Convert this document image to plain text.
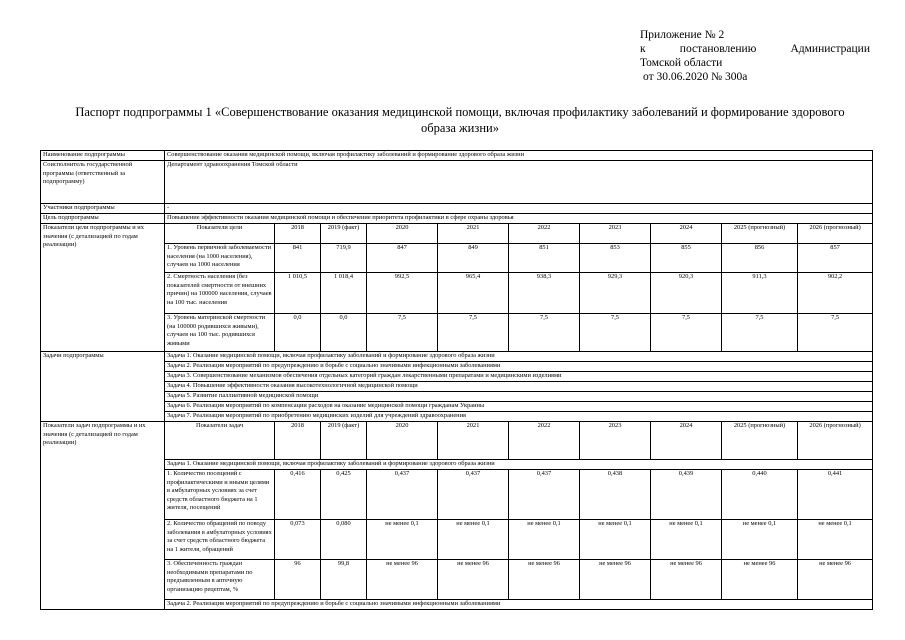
Приложение № 2
к	постановлению	Администрации
Томской области
от 30.06.2020 № 300а
Паспорт подпрограммы 1 «Совершенствование оказания медицинской помощи, включая профилактику заболеваний и формирование здорового образа жизни»
Наименование подпрограммы	Совершенствование оказания медицинской помощи, включая профилактику заболеваний и формирование здорового образа жизни									
Соисполнитель государственной программы (ответственный за подпрограмму)	Департамент здравоохранения Томской области									
Участники подпрограммы	-									
Цель подпрограммы	Повышение эффективности оказания медицинской помощи и обеспечение приоритета профилактики в сфере охраны здоровья									
Показатели цели подпрограммы и их значения (с детализацией по годам реализации)	Показатели цели	2018	2019 (факт)	2020	2021	2022	2023	2024	2025 (прогнозный)	2026 (прогнозный)
	1. Уровень первичной заболеваемости населения (на 1000 населения), случаев на 1000 населения	841	719,9	847	849	851	853	855	856	857
	2. Смертность населения (без показателей смертности от внешних причин) на 100000 населения, случаев на 100 тыс. населения	1 010,5	1 018,4	992,5	965,4	938,3	929,3	920,3	911,3	902,2
	3. Уровень материнской смертности (на 100000 родившихся живыми), случаев на 100 тыс. родившихся живыми	0,0	0,0	7,5	7,5	7,5	7,5	7,5	7,5	7,5
Задачи подпрограммы	Задача 1. Оказание медицинской помощи, включая профилактику заболеваний и формирование здорового образа жизни									
	Задача 2. Реализация мероприятий по предупреждению и борьбе с социально значимыми инфекционными заболеваниями									
	Задача 3. Совершенствование механизмов обеспечения отдельных категорий граждан лекарственными препаратами и медицинскими изделиями									
	Задача 4. Повышение эффективности оказания высокотехнологичной медицинской помощи									
	Задача 5. Развитие паллиативной медицинской помощи									
	Задача 6. Реализация мероприятий по компенсации расходов на оказание медицинской помощи гражданам Украины									
	Задача 7. Реализация мероприятий по приобретению медицинских изделий для учреждений здравоохранения									
Показатели задач подпрограммы и их значения (с детализацией по годам реализации)	Показатели задач	2018	2019 (факт)	2020	2021	2022	2023	2024	2025 (прогнозный)	2026 (прогнозный)
	Задача 1. Оказание медицинской помощи, включая профилактику заболеваний и формирование здорового образа жизни									
	1. Количество посещений с профилактическими и иными целями в амбулаторных условиях за счет средств областного бюджета на 1 жителя, посещений	0,416	0,425	0,437	0,437	0,437	0,438	0,439	0,440	0,441
	2. Количество обращений по поводу заболевания в амбулаторных условиях за счет средств областного бюджета на 1 жителя, обращений	0,073	0,080	не менее 0,1	не менее 0,1	не менее 0,1	не менее 0,1	не менее 0,1	не менее 0,1	не менее 0,1
	3. Обеспеченность граждан необходимыми препаратами по предъявленным в аптечную организацию рецептам, %	96	99,8	не менее 96	не менее 96	не менее 96	не менее 96	не менее 96	не менее 96	не менее 96
	Задача 2. Реализация мероприятий по предупреждению и борьбе с социально значимыми инфекционными заболеваниями									
